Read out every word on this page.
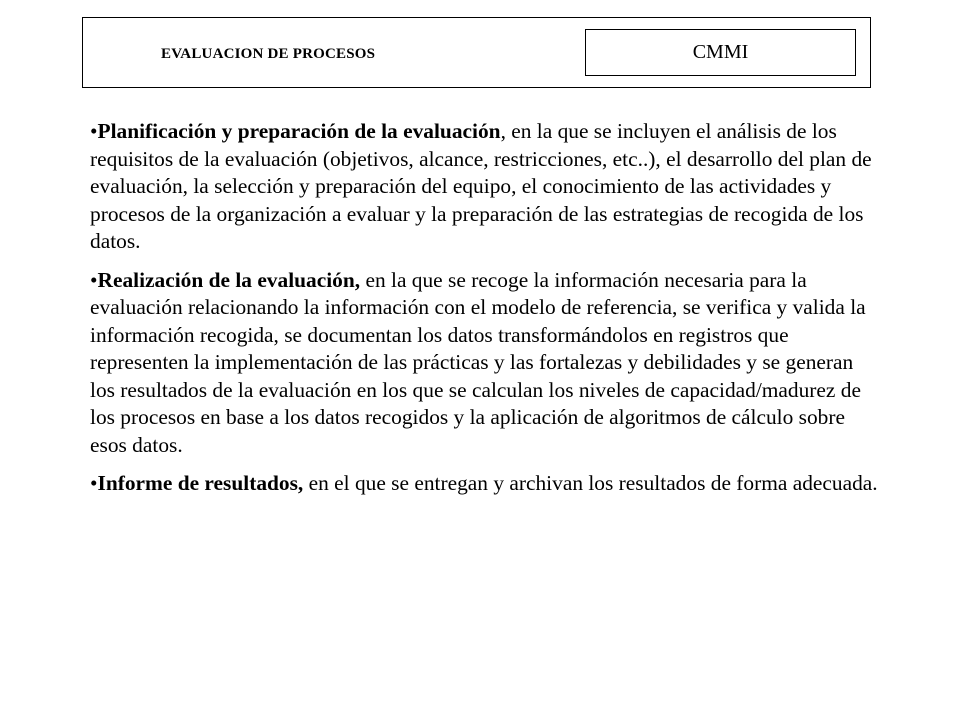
EVALUACION DE PROCESOS	CMMI

•Planificación y preparación de la evaluación, en la que se incluyen el análisis de los requisitos de la evaluación (objetivos, alcance, restricciones, etc..), el desarrollo del plan de evaluación, la selección y preparación del equipo, el conocimiento de las actividades y procesos de la organización a evaluar y la preparación de las estrategias de recogida de los datos.

•Realización de la evaluación, en la que se recoge la información necesaria para la evaluación relacionando la información con el modelo de referencia, se verifica y valida la información recogida, se documentan los datos transformándolos en registros que representen la implementación de las prácticas y las fortalezas y debilidades y se generan los resultados de la evaluación en los que se calculan los niveles de capacidad/madurez de los procesos en base a los datos recogidos y la aplicación de algoritmos de cálculo sobre esos datos.

•Informe de resultados, en el que se entregan y archivan los resultados de forma adecuada.
